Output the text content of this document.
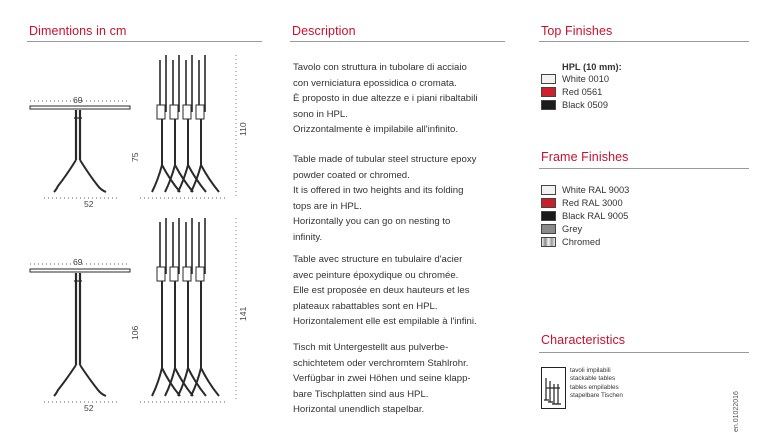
Dimentions in cm	Description	Top Finishes
Frame Finishes
Characteristics
69
52
75
110
69
52
106
141

Tavolo con struttura in tubolare di acciaio

con verniciatura epossidica o cromata.

È proposto in due altezze e i piani ribaltabili

sono in HPL.

Orizzontalmente è impilabile all'infinito.

Table made of tubular steel structure epoxy

powder coated or chromed.

It is offered in two heights and its folding

tops are in HPL.

Horizontally you can go on nesting to

infinity.

Table avec structure en tubulaire d'acier

avec peinture époxydique ou chromée.

Elle est proposée en deux hauteurs et les

plateaux rabattables sont en HPL.

Horizontalement elle est empilable à l'infini.

Tisch mit Untergestellt aus pulverbe-

schichtetem oder verchromtem Stahlrohr.

Verfügbar in zwei Höhen und seine klapp-

bare Tischplatten sind aus HPL.

Horizontal unendlich stapelbar.

HPL (10 mm):
White 0010
Red 0561
Black 0509
White RAL 9003
Red RAL 3000
Black RAL 9005
Grey
Chromed

tavoli impilabili

stackable tables

tables empilables

stapelbare Tischen	en.01022016
